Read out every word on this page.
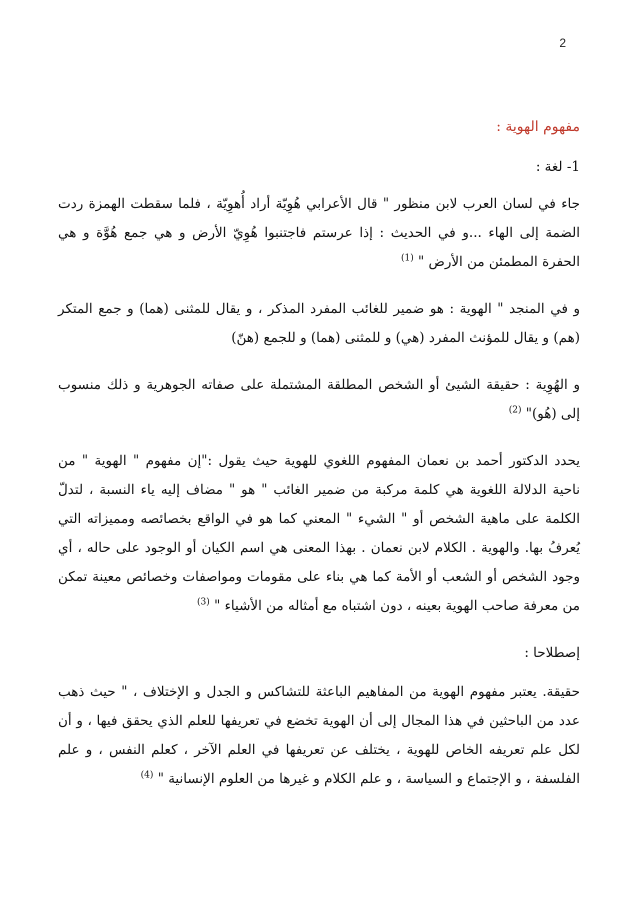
2
مفهوم الهوية :
1- لغة :

جاء في لسان العرب لابن منظور " قال الأعرابي هُوِيّة أراد أُهوِيّة ، فلما سقطت الهمزة ردت الضمة إلى الهاء ...و في الحديث : إذا عرستم فاجتنبوا هُوِيّ الأرض و هي جمع هُوَّة و هي الحفرة المطمئن من الأرض " $^{(1)}$

و في المنجد " الهوية : هو ضمير للغائب المفرد المذكر ، و يقال للمثنى (هما) و جمع المتكر (هم) و يقال للمؤنث المفرد (هي) و للمثنى (هما) و للجمع (هنّ)

و الهُوِية : حقيقة الشيئ أو الشخص المطلقة المشتملة على صفاته الجوهرية و ذلك منسوب إلى (هُو)" $^{(2)}$

يحدد الدكتور أحمد بن نعمان المفهوم اللغوي للهوية حيث يقول :"إن مفهوم " الهوية " من ناحية الدلالة اللغوية هي كلمة مركبة من ضمير الغائب " هو " مضاف إليه ياء النسبة ، لتدلّ الكلمة على ماهية الشخص أو " الشيء " المعني كما هو في الواقع بخصائصه ومميزاته التي يُعرفُ بها. والهوية . الكلام لابن نعمان . بهذا المعنى هي اسم الكيان أو الوجود على حاله ، أي وجود الشخص أو الشعب أو الأمة كما هي بناء على مقومات ومواصفات وخصائص معينة تمكن من معرفة صاحب الهوية بعينه ، دون اشتباه مع أمثاله من الأشياء " $^{(3)}$

إصطلاحا :

حقيقة. يعتبر مفهوم الهوية من المفاهيم الباعثة للتشاكس و الجدل و الإختلاف ، " حيث ذهب عدد من الباحثين في هذا المجال إلى أن الهوية تخضع في تعريفها للعلم الذي يحقق فيها ، و أن لكل علم تعريفه الخاص للهوية ، يختلف عن تعريفها في العلم الآخر ، كعلم النفس ، و علم الفلسفة ، و الإجتماع و السياسة ، و علم الكلام و غيرها من العلوم الإنسانية " $^{(4)}$
